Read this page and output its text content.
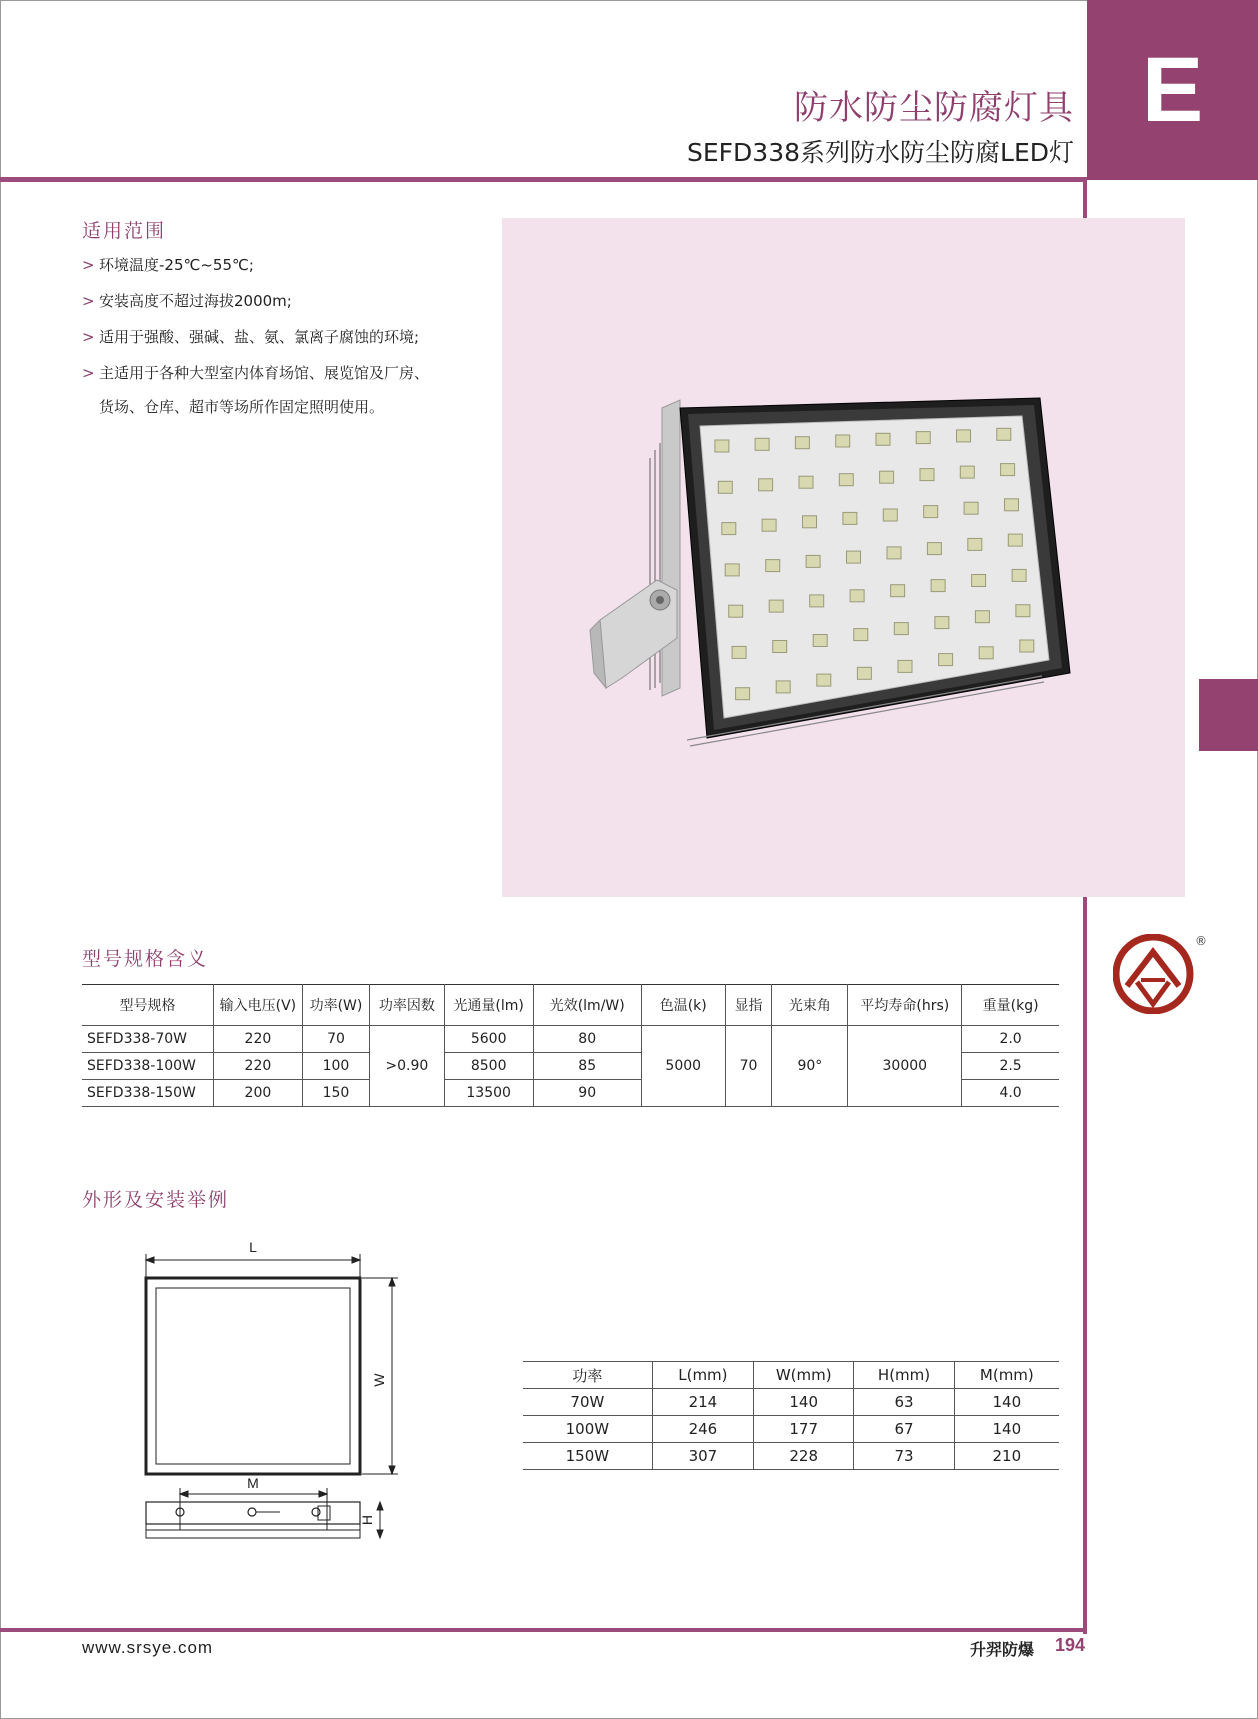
E
防水防尘防腐灯具
SEFD338系列防水防尘防腐LED灯
适用范围
> 环境温度-25℃~55℃;
> 安装高度不超过海拔2000m;
> 适用于强酸、强碱、盐、氨、氯离子腐蚀的环境;
> 主适用于各种大型室内体育场馆、展览馆及厂房、
货场、仓库、超市等场所作固定照明使用。
®
型号规格含义
型号规格	输入电压(V)	功率(W)	功率因数	光通量(lm)	光效(lm/W)	色温(k)	显指	光束角	平均寿命(hrs)	重量(kg)
SEFD338-70W	220	70	>0.90	5600	80	5000	70	90°	30000	2.0
SEFD338-100W	220	100		8500	85					2.5
SEFD338-150W	200	150		13500	90					4.0
外形及安装举例
L
W
M
H
功率	L(mm)	W(mm)	H(mm)	M(mm)
70W	214	140	63	140
100W	246	177	67	140
150W	307	228	73	210
www.srsye.com	升羿防爆 194
